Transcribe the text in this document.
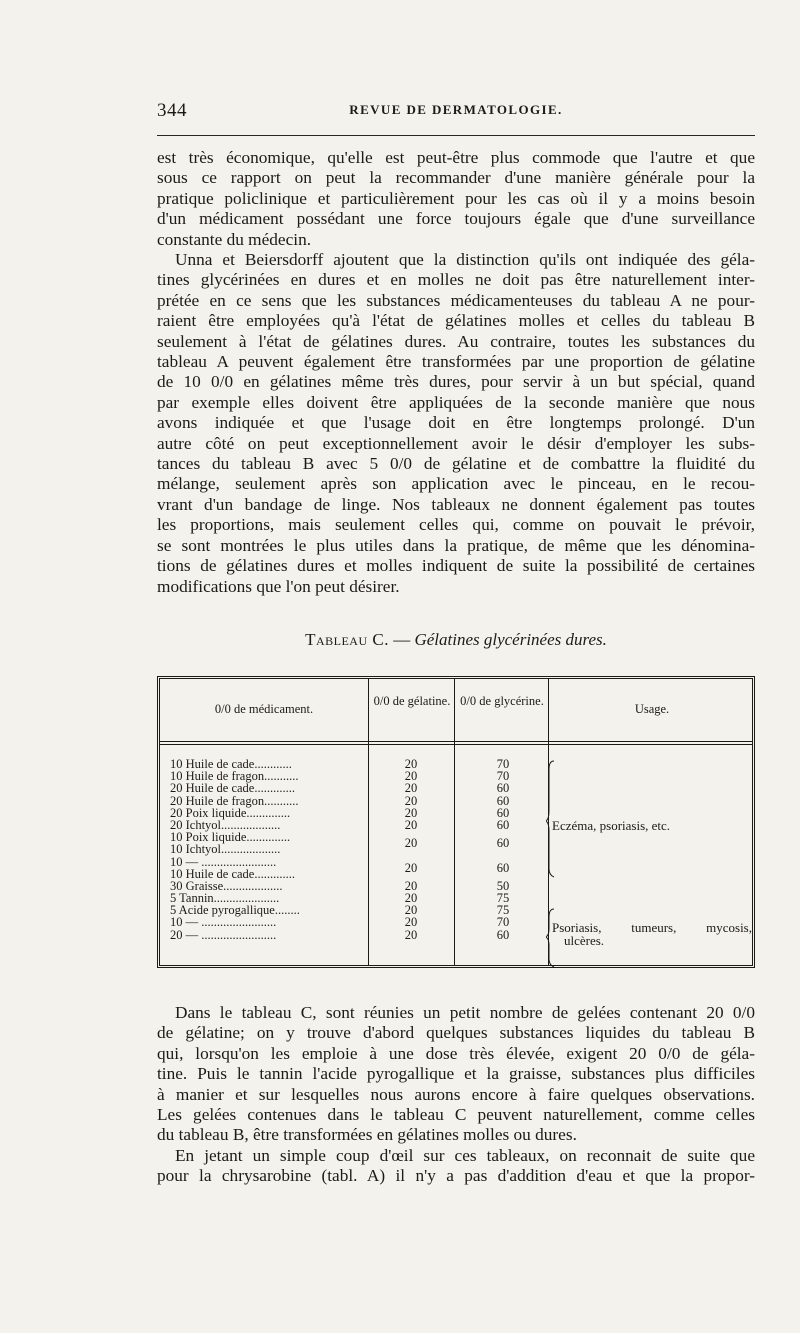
344	REVUE DE DERMATOLOGIE.
est très économique, qu'elle est peut-être plus commode que l'autre et que
sous ce rapport on peut la recommander d'une manière générale pour la
pratique policlinique et particulièrement pour les cas où il y a moins besoin
d'un médicament possédant une force toujours égale que d'une surveillance
constante du médecin.
Unna et Beiersdorff ajoutent que la distinction qu'ils ont indiquée des géla-
tines glycérinées en dures et en molles ne doit pas être naturellement inter-
prétée en ce sens que les substances médicamenteuses du tableau A ne pour-
raient être employées qu'à l'état de gélatines molles et celles du tableau B
seulement à l'état de gélatines dures. Au contraire, toutes les substances du
tableau A peuvent également être transformées par une proportion de gélatine
de 10 0/0 en gélatines même très dures, pour servir à un but spécial, quand
par exemple elles doivent être appliquées de la seconde manière que nous
avons indiquée et que l'usage doit en être longtemps prolongé. D'un
autre côté on peut exceptionnellement avoir le désir d'employer les subs-
tances du tableau B avec 5 0/0 de gélatine et de combattre la fluidité du
mélange, seulement après son application avec le pinceau, en le recou-
vrant d'un bandage de linge. Nos tableaux ne donnent également pas toutes
les proportions, mais seulement celles qui, comme on pouvait le prévoir,
se sont montrées le plus utiles dans la pratique, de même que les dénomina-
tions de gélatines dures et molles indiquent de suite la possibilité de certaines
modifications que l'on peut désirer.
Tableau C. — Gélatines glycérinées dures.
0/0 de médicament.
0/0 de gélatine. 0/0 de glycérine.
Usage.
10 Huile de cade............
10 Huile de fragon...........
20 Huile de cade.............
20 Huile de fragon...........
20 Poix liquide..............
20 Ichtyol...................
10 Poix liquide..............
10 Ichtyol...................
10 — ........................
10 Huile de cade.............
30 Graisse...................
5 Tannin.....................
5 Acide pyrogallique........
10 — ........................
20 — ........................
20
20
20
20
20
20
20
20
20
20
20
20
20
70
70
60
60
60
60
60
60
50
75
75
70
60
Eczéma, psoriasis, etc.
Psoriasis, tumeurs, mycosis,
ulcères.
Dans le tableau C, sont réunies un petit nombre de gelées contenant 20 0/0
de gélatine; on y trouve d'abord quelques substances liquides du tableau B
qui, lorsqu'on les emploie à une dose très élevée, exigent 20 0/0 de géla-
tine. Puis le tannin l'acide pyrogallique et la graisse, substances plus difficiles
à manier et sur lesquelles nous aurons encore à faire quelques observations.
Les gelées contenues dans le tableau C peuvent naturellement, comme celles
du tableau B, être transformées en gélatines molles ou dures.
En jetant un simple coup d'œil sur ces tableaux, on reconnait de suite que
pour la chrysarobine (tabl. A) il n'y a pas d'addition d'eau et que la propor-
